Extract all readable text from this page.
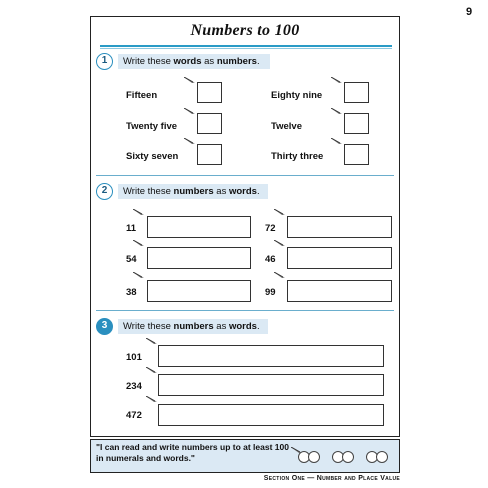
9
Numbers to 100
1	Write these words as numbers.
Fifteen
Twenty five
Sixty seven
Eighty nine
Twelve
Thirty three
2	Write these numbers as words.
11
54
38
72
46
99
3	Write these numbers as words.
101
234
472
"I can read and write numbers up to at least 100 in numerals and words."
Section One — Number and Place Value
